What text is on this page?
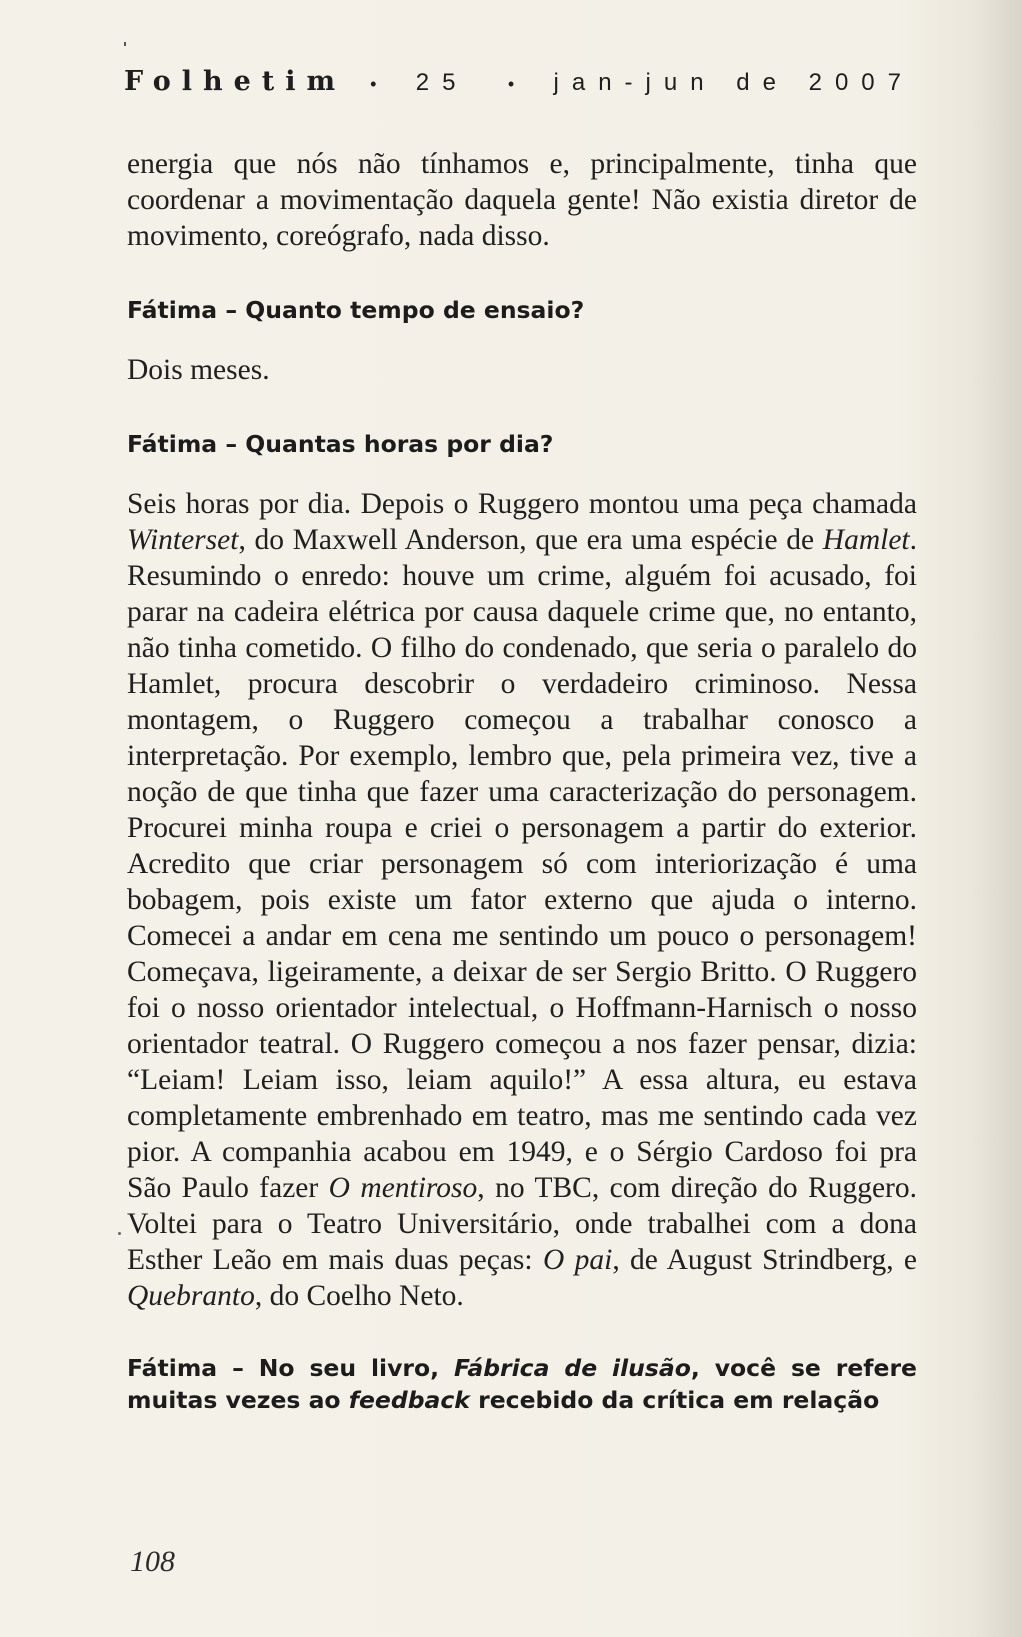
Folhetim • 25 • jan-jun de 2007

energia que nós não tínhamos e, principalmente, tinha que coordenar a movimentação daquela gente! Não existia diretor de movimento, coreógrafo, nada disso.

Fátima – Quanto tempo de ensaio?

Dois meses.

Fátima – Quantas horas por dia?

Seis horas por dia. Depois o Ruggero montou uma peça chamada Winterset, do Maxwell Anderson, que era uma espécie de Hamlet. Resumindo o enredo: houve um crime, alguém foi acusado, foi parar na cadeira elétrica por causa daquele crime que, no entanto, não tinha cometido. O filho do condenado, que seria o paralelo do Hamlet, procura descobrir o verdadeiro criminoso. Nessa montagem, o Ruggero começou a trabalhar conosco a interpretação. Por exemplo, lembro que, pela primeira vez, tive a noção de que tinha que fazer uma caracterização do personagem. Procurei minha roupa e criei o personagem a partir do exterior. Acredito que criar personagem só com interiorização é uma bobagem, pois existe um fator externo que ajuda o interno. Comecei a andar em cena me sentindo um pouco o personagem! Começava, ligeiramente, a deixar de ser Sergio Britto. O Ruggero foi o nosso orientador intelectual, o Hoffmann-Harnisch o nosso orientador teatral. O Ruggero começou a nos fazer pensar, dizia: “Leiam! Leiam isso, leiam aquilo!” A essa altura, eu estava completamente embrenhado em teatro, mas me sentindo cada vez pior. A companhia acabou em 1949, e o Sérgio Cardoso foi pra São Paulo fazer O mentiroso, no TBC, com direção do Ruggero. Voltei para o Teatro Universitário, onde trabalhei com a dona Esther Leão em mais duas peças: O pai, de August Strindberg, e Quebranto, do Coelho Neto.

Fátima – No seu livro, Fábrica de ilusão, você se refere muitas vezes ao feedback recebido da crítica em relação

108
